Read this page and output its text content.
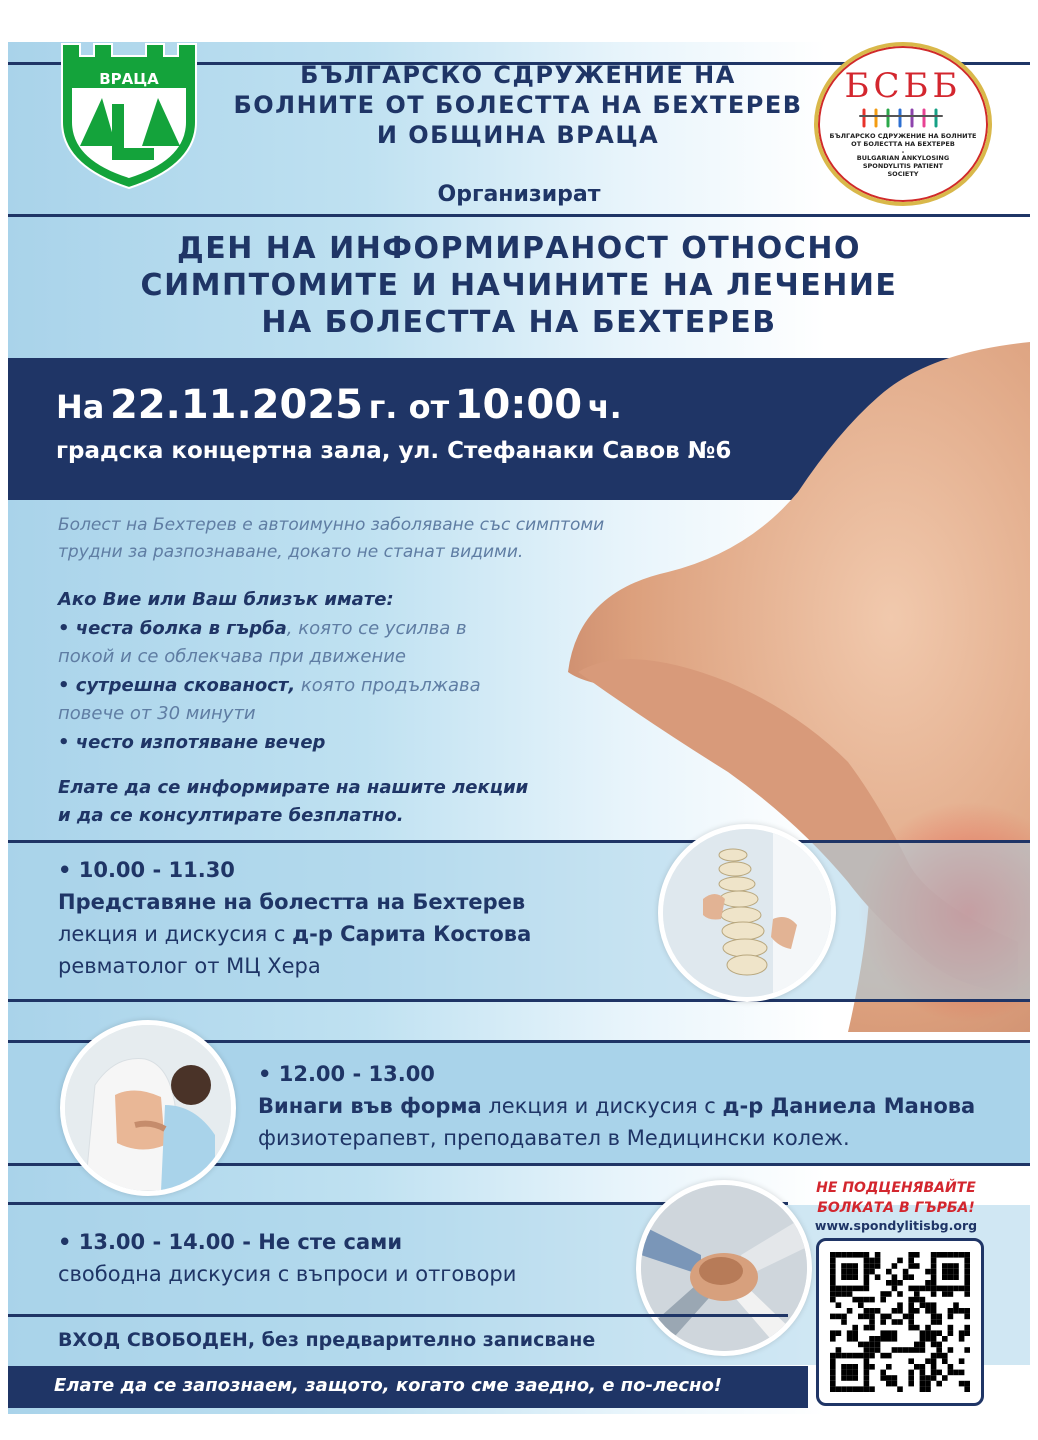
ВРАЦА	БЪЛГАРСКО СДРУЖЕНИЕ НА
БОЛНИТЕ ОТ БОЛЕСТТА НА БЕХТЕРЕВ
И ОБЩИНА ВРАЦА
БСББ
БЪЛГАРСКО СДРУЖЕНИЕ НА БОЛНИТЕ
ОТ БОЛЕСТТА НА БЕХТЕРЕВ
-
BULGARIAN ANKYLOSING
SPONDYLITIS PATIENT
SOCIETY
Организират
ДЕН НА ИНФОРМИРАНОСТ ОТНОСНО
СИМПТОМИТЕ И НАЧИНИТЕ НА ЛЕЧЕНИЕ
НА БОЛЕСТТА НА БЕХТЕРЕВ
На 22.11.2025 г. от 10:00 ч.
градска концертна зала, ул. Стефанаки Савов №6
Болест на Бехтерев е автоимунно заболяване със симптоми
трудни за разпознаване, докато не станат видими.
Ако Вие или Ваш близък имате:
• честа болка в гърба, която се усилва в
покой и се облекчава при движение
• сутрешна скованост, която продължава
повече от 30 минути
• често изпотяване вечер
Елате да се информирате на нашите лекции
и да се консултирате безплатно.
• 10.00 - 11.30
Представяне на болестта на Бехтерев
лекция и дискусия с д-р Сарита Костова
ревматолог от МЦ Хера
• 12.00 - 13.00
Винаги във форма лекция и дискусия с д-р Даниела Манова
физиотерапевт, преподавател в Медицински колеж.
• 13.00 - 14.00 - Не сте сами
свободна дискусия с въпроси и отговори
НЕ ПОДЦЕНЯВАЙТЕ
БОЛКАТА В ГЪРБА!
www.spondylitisbg.org
ВХОД СВОБОДЕН, без предварително записване
Елате да се запознаем, защото, когато сме заедно, е по-лесно!
